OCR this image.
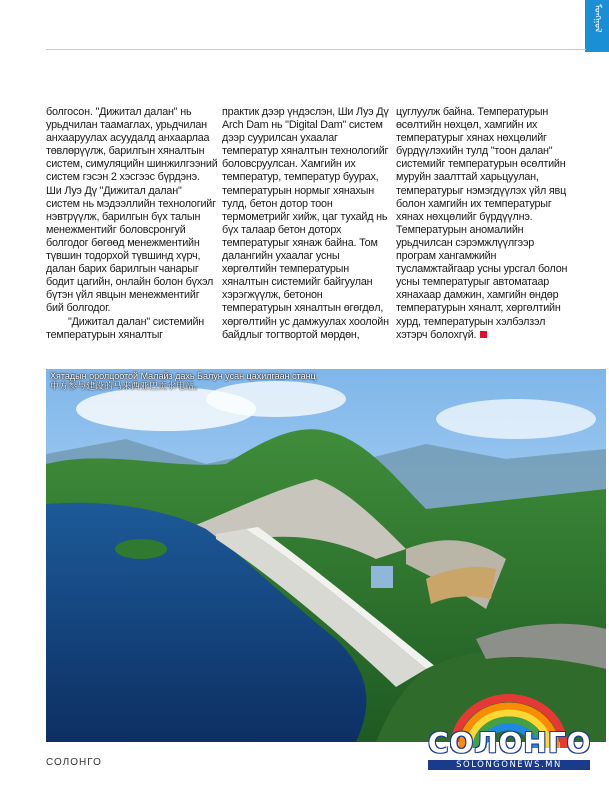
ᠮᠣᠩᠭᠣᠯ

болгосон. "Дижитал далан" нь урьдчилан таамаглах, урьдчилан анхааруулах асуудалд анхаарлаа төвлөрүүлж, барилгын хяналтын систем, симуляцийн шинжилгээний систем гэсэн 2 хэсгээс бүрдэнэ. Ши Луэ Дү "Дижитал далан" систем нь мэдээллийн технологийг нэвтрүүлж, барилгын бүх талын менежментийг боловсронгуй болгодог бөгөөд менежментийн түвшин тодорхой түвшинд хүрч, далан барих барилгын чанарыг бодит цагийн, онлайн болон бүхэл бүтэн үйл явцын менежментийг бий болгодог.

"Дижитал далан" системийн температурын хяналтыг

практик дээр үндэслэн, Ши Луэ Дү Arch Dam нь "Digital Dam" систем дээр суурилсан ухаалаг температур хяналтын технологийг боловсруулсан. Хамгийн их температур, температур буурах, температурын нормыг хянахын тулд, бетон дотор тоон термометрийг хийж, цаг тухайд нь бүх талаар бетон доторх температурыг хянаж байна. Том далангийн ухаалаг усны хөргөлтийн температурын хяналтын системийг байгуулан хэрэгжүүлж, бетонон температурын хяналтын өгөгдөл, хөргөлтийн ус дамжуулах хоолойн байдлыг тогтвортой мөрдөн,

цуглуулж байна. Температурын өсөлтийн нөхцөл, хамгийн их температурыг хянах нөхцөлийг бүрдүүлэхийн тулд "тоон далан" системийг температурын өсөлтийн муруйн заалттай харьцуулан, температурыг нэмэгдүүлэх үйл явц болон хамгийн их температурыг хянах нөхцөлийг бүрдүүлнэ. Температурын аномалийн урьдчилсан сэрэмжлүүлгээр програм хангамжийн тусламжтайгаар усны урсгал болон усны температурыг автоматаар хянахаар дамжин, хамгийн өндөр температурын хяналт, хөргөлтийн хурд, температурын хэлбэлзэл хэтэрч болохгүй.

Хятадын оролцоотой Малайз дахь Балун усан цахилгаан станц
中方参与建设的马来西亚巴贡水电站。
СОЛОНГО
СОЛОНГО
SOLONGONEWS.MN
